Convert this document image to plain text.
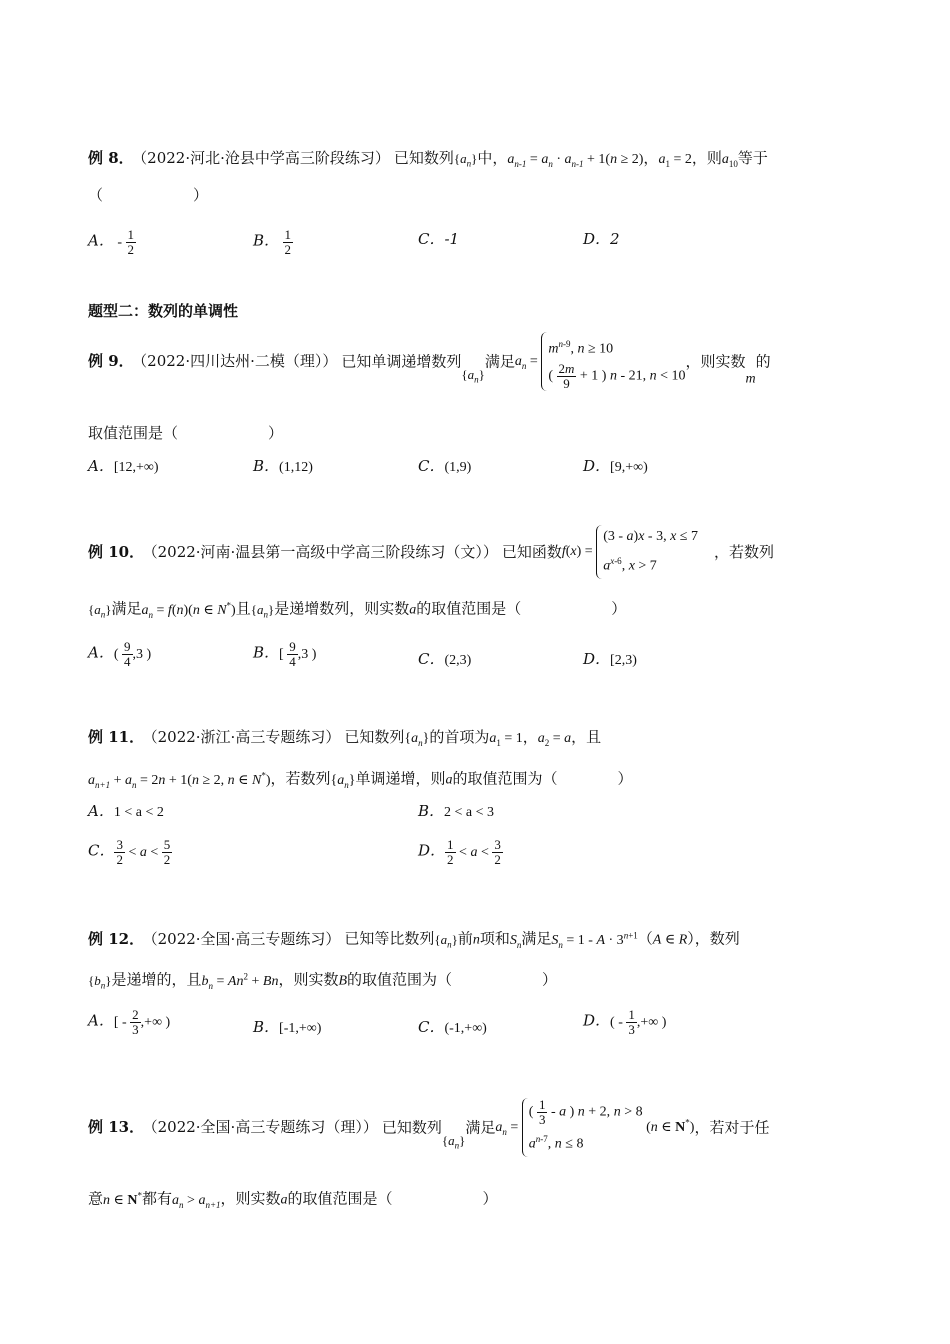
例 8． （2022·河北·沧县中学高三阶段练习） 已知数列$\{a_n\}$中，$a_{n-1} = a_n \cdot a_{n-1} + 1(n \ge 2)$，$a_1 = 2$，则$a_{10}$等于
（　　　　　　）
A． - $\frac{1}{2}$	B． $\frac{1}{2}$	C．-1	D．2
题型二：数列的单调性
例 9． （2022·四川达州·二模（理）） 已知单调递增数列$\{a_n\}$满足$a_n$ =
$m^{n-9}$, n ≥ 10
( $\frac{2m}{9} + 1$ ) n - 21, n < 10
，则实数m的
取值范围是（　　　　　　）
A．[12,+∞)	B．(1,12)	C．(1,9)	D．[9,+∞)
例 10． （2022·河南·温县第一高级中学高三阶段练习（文）） 已知函数f(x) =
(3 - a)x - 3, x ≤ 7
$a^{x-6}$, x > 7
，若数列
$\{a_n\}$满足$a_n = f(n)(n$ ∈ N*)且$\{a_n\}$是递增数列，则实数a的取值范围是（　　　　　　）
A．( $\frac{9}{4} ,3$ )	B．[ $\frac{9}{4} ,3$ )	C．(2,3)	D．[2,3)
例 11． （2022·浙江·高三专题练习） 已知数列$\{a_n\}$的首项为$a_1 = 1$，$a_2 = a$，且
$a_{n+1} + a_n = 2n + 1(n \ge 2$, n ∈ N*)，若数列$\{a_n\}$单调递增，则a的取值范围为（　　　　）
A．1 < a < 2	B．2 < a < 3
C． $\frac{3}{2} < a < \frac{5}{2}$	D． $\frac{1}{2} < a < \frac{3}{2}$
例 12． （2022·全国·高三专题练习） 已知等比数列$\{a_n\}$前n项和$S_n$满足$S_n = 1 - A \cdot 3^{n+1}(A$ ∈ R），数列
$\{b_n\}$是递增的，且$b_n = An^2 + Bn$，则实数B的取值范围为（　　　　　　）
A．[ - $\frac{2}{3}$ ,+∞ )	B．[-1,+∞)	C．(-1,+∞)	D．( - $\frac{1}{3}$ ,+∞ )
例 13． （2022·全国·高三专题练习（理）） 已知数列$\{a_n\}$满足$a_n$ =
( $\frac{1}{3}$ - a ) n + 2, n > 8
$a^{n-7}$, n ≤ 8
(n ∈ N*)，若对于任
意n ∈ N*都有$a_n > a_{n+1}$，则实数a的取值范围是（　　　　　　）
